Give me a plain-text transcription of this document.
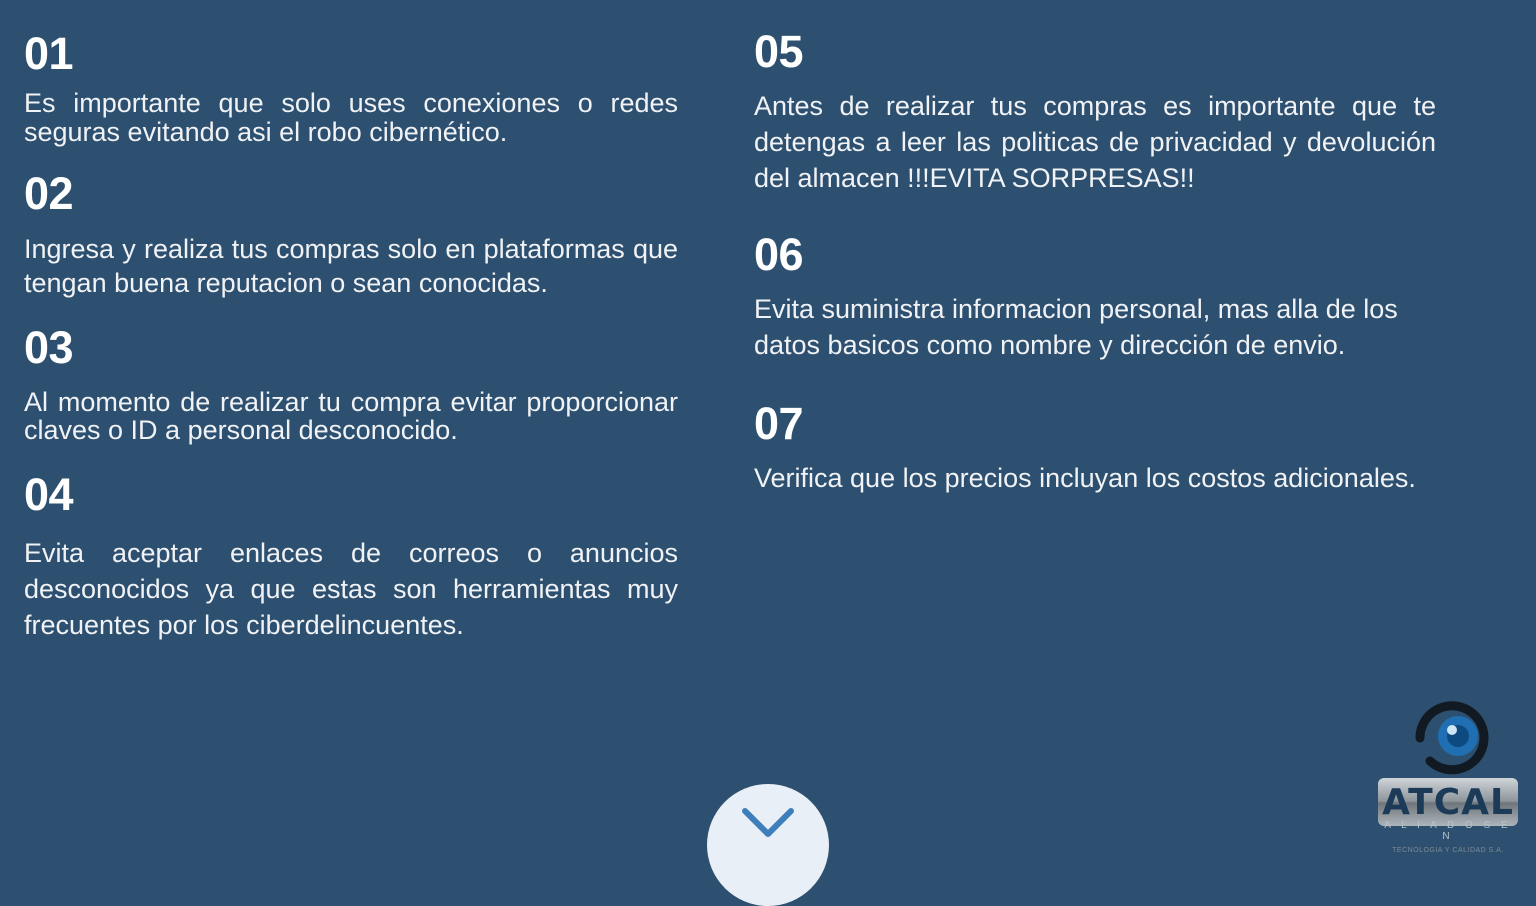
01
Es importante que solo uses conexiones o redes seguras evitando asi el robo cibernético.
02
Ingresa y realiza tus compras solo en plataformas que tengan buena reputacion o sean conocidas.
03
Al momento de realizar tu compra evitar proporcionar claves o ID a personal desconocido.
04
Evita aceptar enlaces de correos o anuncios desconocidos ya que estas son herramientas muy frecuentes por los ciberdelincuentes.
05
Antes de realizar tus compras es importante que te detengas a leer las politicas de privacidad y devolución del almacen !!!EVITA SORPRESAS!!
06
Evita suministra informacion personal, mas alla de los datos basicos como nombre y dirección de envio.
07
Verifica que los precios incluyan los costos adicionales.
ATCAL
A L I A D O S E N
TECNOLOGIA Y CALIDAD S.A.
